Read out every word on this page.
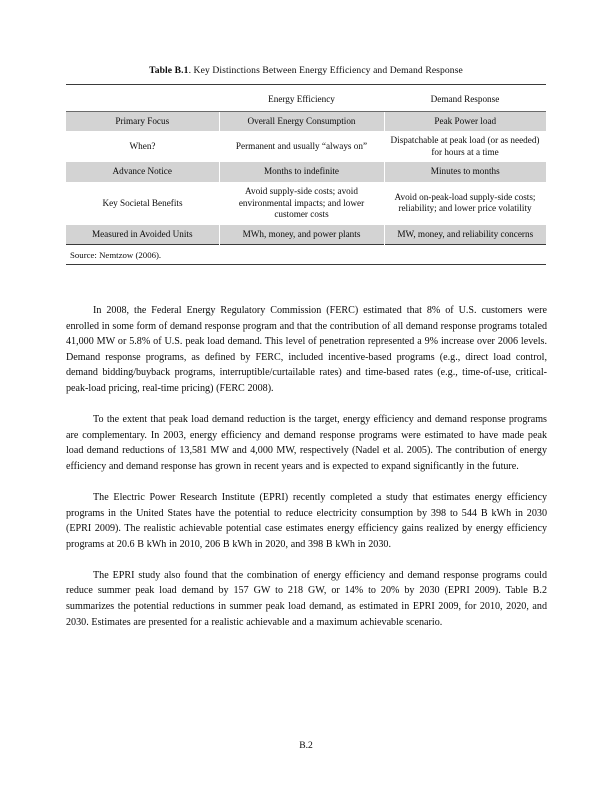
Table B.1. Key Distinctions Between Energy Efficiency and Demand Response

	Energy Efficiency	Demand Response

Primary Focus	Overall Energy Consumption	Peak Power load
When?	Permanent and usually “always on”	Dispatchable at peak load (or as needed) for hours at a time
Advance Notice	Months to indefinite	Minutes to months
Key Societal Benefits	Avoid supply-side costs; avoid environmental impacts; and lower customer costs	Avoid on-peak-load supply-side costs; reliability; and lower price volatility
Measured in Avoided Units	MWh, money, and power plants	MW, money, and reliability concerns

Source: Nemtzow (2006).

In 2008, the Federal Energy Regulatory Commission (FERC) estimated that 8% of U.S. customers were enrolled in some form of demand response program and that the contribution of all demand response programs totaled 41,000 MW or 5.8% of U.S. peak load demand. This level of penetration represented a 9% increase over 2006 levels. Demand response programs, as defined by FERC, included incentive-based programs (e.g., direct load control, demand bidding/buyback programs, interruptible/curtailable rates) and time-based rates (e.g., time-of-use, critical-peak-load pricing, real-time pricing) (FERC 2008).

To the extent that peak load demand reduction is the target, energy efficiency and demand response programs are complementary. In 2003, energy efficiency and demand response programs were estimated to have made peak load demand reductions of 13,581 MW and 4,000 MW, respectively (Nadel et al. 2005). The contribution of energy efficiency and demand response has grown in recent years and is expected to expand significantly in the future.

The Electric Power Research Institute (EPRI) recently completed a study that estimates energy efficiency programs in the United States have the potential to reduce electricity consumption by 398 to 544 B kWh in 2030 (EPRI 2009). The realistic achievable potential case estimates energy efficiency gains realized by energy efficiency programs at 20.6 B kWh in 2010, 206 B kWh in 2020, and 398 B kWh in 2030.

The EPRI study also found that the combination of energy efficiency and demand response programs could reduce summer peak load demand by 157 GW to 218 GW, or 14% to 20% by 2030 (EPRI 2009). Table B.2 summarizes the potential reductions in summer peak load demand, as estimated in EPRI 2009, for 2010, 2020, and 2030. Estimates are presented for a realistic achievable and a maximum achievable scenario.

B.2
